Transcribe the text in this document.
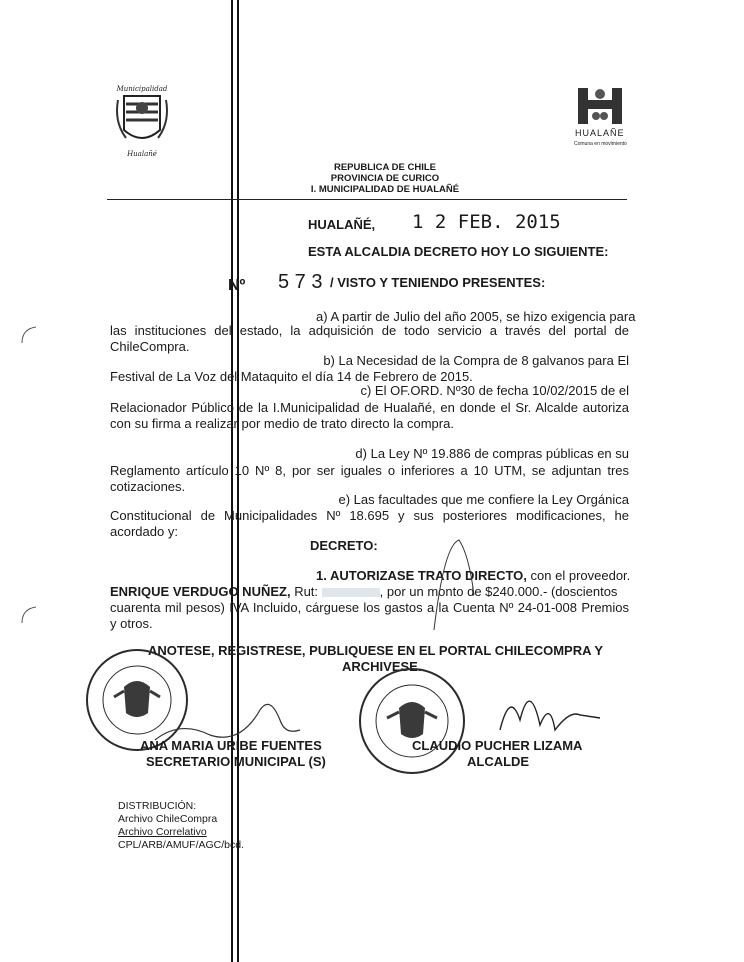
Municipalidad
Hualañé
HUALAÑE
Comuna en movimiento
REPUBLICA DE CHILE
PROVINCIA DE CURICO
I. MUNICIPALIDAD DE HUALAÑÉ
HUALAÑÉ, 1 2 FEB. 2015
ESTA ALCALDIA DECRETO HOY LO SIGUIENTE:
Nº 5 7 3 / VISTO Y TENIENDO PRESENTES:
a) A partir de Julio del año 2005, se hizo exigencia para
las instituciones del estado, la adquisición de todo servicio a través del portal de ChileCompra.
b) La Necesidad de la Compra de 8 galvanos para El
Festival de La Voz del Mataquito el día 14 de Febrero de 2015.
c) El OF.ORD. Nº30 de fecha 10/02/2015 de el
Relacionador Público de la I.Municipalidad de Hualañé, en donde el Sr. Alcalde autoriza con su firma a realizar por medio de trato directo la compra.
d) La Ley Nº 19.886 de compras públicas en su
Reglamento artículo 10 Nº 8, por ser iguales o inferiores a 10 UTM, se adjuntan tres cotizaciones.
e) Las facultades que me confiere la Ley Orgánica
Constitucional de Municipalidades Nº 18.695 y sus posteriores modificaciones, he acordado y:
DECRETO:
1. AUTORIZASE TRATO DIRECTO, con el proveedor.
ENRIQUE VERDUGO NUÑEZ, Rut:	, por un monto de $240.000.- (doscientos
cuarenta mil pesos) IVA Incluido, cárguese los gastos a la Cuenta Nº 24-01-008 Premios y otros.
ANOTESE, REGISTRESE, PUBLIQUESE EN EL PORTAL CHILECOMPRA Y
ARCHIVESE.
ANA MARIA URIBE FUENTES
SECRETARIO MUNICIPAL (S)
CLAUDIO PUCHER LIZAMA
ALCALDE
DISTRIBUCIÓN:
Archivo ChileCompra
Archivo Correlativo
CPL/ARB/AMUF/AGC/bcd.
